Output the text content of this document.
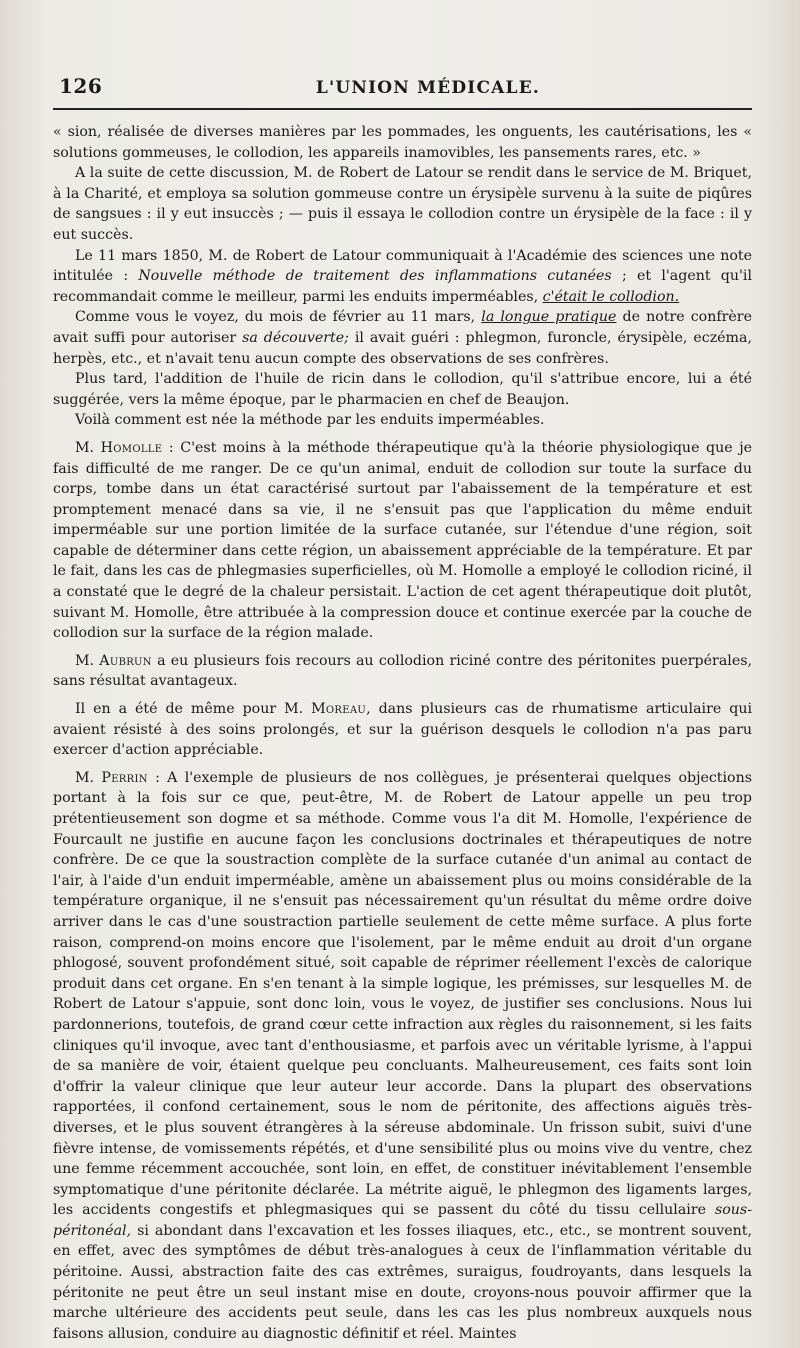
126	L'UNION MÉDICALE.

« sion, réalisée de diverses manières par les pommades, les onguents, les cautérisations, les « solutions gommeuses, le collodion, les appareils inamovibles, les pansements rares, etc. »

A la suite de cette discussion, M. de Robert de Latour se rendit dans le service de M. Briquet, à la Charité, et employa sa solution gommeuse contre un érysipèle survenu à la suite de piqûres de sangsues : il y eut insuccès ; — puis il essaya le collodion contre un érysipèle de la face : il y eut succès.

Le 11 mars 1850, M. de Robert de Latour communiquait à l'Académie des sciences une note intitulée : Nouvelle méthode de traitement des inflammations cutanées ; et l'agent qu'il recommandait comme le meilleur, parmi les enduits imperméables, c'était le collodion.

Comme vous le voyez, du mois de février au 11 mars, la longue pratique de notre confrère avait suffi pour autoriser sa découverte; il avait guéri : phlegmon, furoncle, érysipèle, eczéma, herpès, etc., et n'avait tenu aucun compte des observations de ses confrères.

Plus tard, l'addition de l'huile de ricin dans le collodion, qu'il s'attribue encore, lui a été suggérée, vers la même époque, par le pharmacien en chef de Beaujon.

Voilà comment est née la méthode par les enduits imperméables.

M. Homolle : C'est moins à la méthode thérapeutique qu'à la théorie physiologique que je fais difficulté de me ranger. De ce qu'un animal, enduit de collodion sur toute la surface du corps, tombe dans un état caractérisé surtout par l'abaissement de la température et est promptement menacé dans sa vie, il ne s'ensuit pas que l'application du même enduit imperméable sur une portion limitée de la surface cutanée, sur l'étendue d'une région, soit capable de déterminer dans cette région, un abaissement appréciable de la température. Et par le fait, dans les cas de phlegmasies superficielles, où M. Homolle a employé le collodion riciné, il a constaté que le degré de la chaleur persistait. L'action de cet agent thérapeutique doit plutôt, suivant M. Homolle, être attribuée à la compression douce et continue exercée par la couche de collodion sur la surface de la région malade.

M. Aubrun a eu plusieurs fois recours au collodion riciné contre des péritonites puerpérales, sans résultat avantageux.

Il en a été de même pour M. Moreau, dans plusieurs cas de rhumatisme articulaire qui avaient résisté à des soins prolongés, et sur la guérison desquels le collodion n'a pas paru exercer d'action appréciable.

M. Perrin : A l'exemple de plusieurs de nos collègues, je présenterai quelques objections portant à la fois sur ce que, peut-être, M. de Robert de Latour appelle un peu trop prétentieusement son dogme et sa méthode. Comme vous l'a dit M. Homolle, l'expérience de Fourcault ne justifie en aucune façon les conclusions doctrinales et thérapeutiques de notre confrère. De ce que la soustraction complète de la surface cutanée d'un animal au contact de l'air, à l'aide d'un enduit imperméable, amène un abaissement plus ou moins considérable de la température organique, il ne s'ensuit pas nécessairement qu'un résultat du même ordre doive arriver dans le cas d'une soustraction partielle seulement de cette même surface. A plus forte raison, comprend-on moins encore que l'isolement, par le même enduit au droit d'un organe phlogosé, souvent profondément situé, soit capable de réprimer réellement l'excès de calorique produit dans cet organe. En s'en tenant à la simple logique, les prémisses, sur lesquelles M. de Robert de Latour s'appuie, sont donc loin, vous le voyez, de justifier ses conclusions. Nous lui pardonnerions, toutefois, de grand cœur cette infraction aux règles du raisonnement, si les faits cliniques qu'il invoque, avec tant d'enthousiasme, et parfois avec un véritable lyrisme, à l'appui de sa manière de voir, étaient quelque peu concluants. Malheureusement, ces faits sont loin d'offrir la valeur clinique que leur auteur leur accorde. Dans la plupart des observations rapportées, il confond certainement, sous le nom de péritonite, des affections aiguës très-diverses, et le plus souvent étrangères à la séreuse abdominale. Un frisson subit, suivi d'une fièvre intense, de vomissements répétés, et d'une sensibilité plus ou moins vive du ventre, chez une femme récemment accouchée, sont loin, en effet, de constituer inévitablement l'ensemble symptomatique d'une péritonite déclarée. La métrite aiguë, le phlegmon des ligaments larges, les accidents congestifs et phlegmasiques qui se passent du côté du tissu cellulaire sous-péritonéal, si abondant dans l'excavation et les fosses iliaques, etc., etc., se montrent souvent, en effet, avec des symptômes de début très-analogues à ceux de l'inflammation véritable du péritoine. Aussi, abstraction faite des cas extrêmes, suraigus, foudroyants, dans lesquels la péritonite ne peut être un seul instant mise en doute, croyons-nous pouvoir affirmer que la marche ultérieure des accidents peut seule, dans les cas les plus nombreux auxquels nous faisons allusion, conduire au diagnostic définitif et réel. Maintes
